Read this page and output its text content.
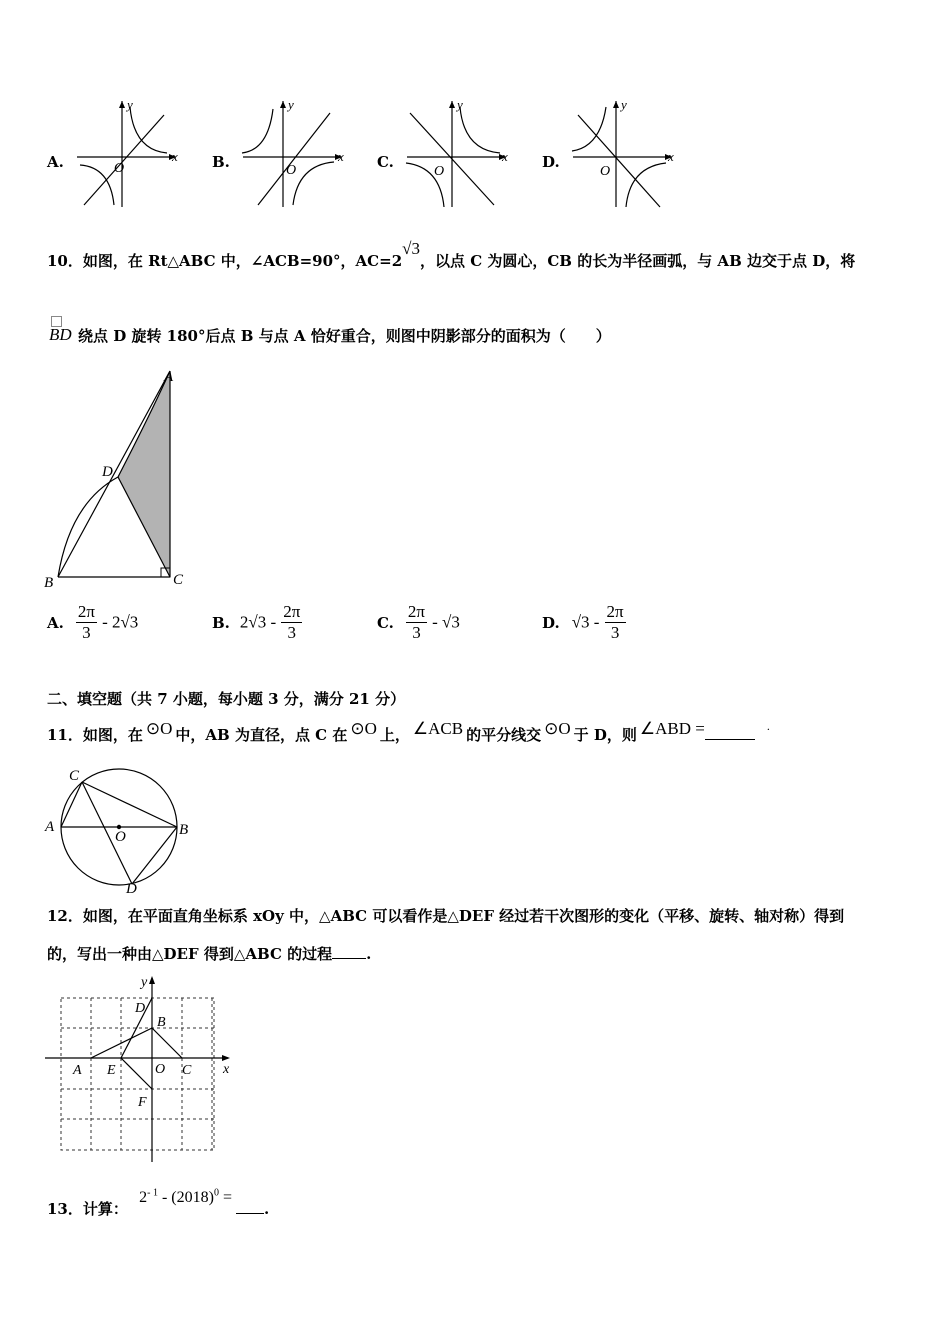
A.	B.	C.	D.
x
y
O
x
y
O
x
y
O
x
y
O
10．如图，在 Rt△ABC 中，∠ACB=90°，AC=2√3，以点 C 为圆心，CB 的长为半径画弧，与 AB 边交于点 D，将
BD 绕点 D 旋转 180°后点 B 与点 A 恰好重合，则图中阴影部分的面积为（　　）
A
D
B	C
A. $\frac{2\pi}{3} - 2√3$	B. $2√3 - \frac{2\pi}{3}$	C. $\frac{2\pi}{3} - √3$	D. $√3 - \frac{2\pi}{3}$
二、填空题（共 7 小题，每小题 3 分，满分 21 分）
11．如图，在 ⊙O 中，AB 为直径，点 C 在 ⊙O 上， ∠ACB 的平分线交 ⊙O 于 D，则 ∠ABD =	.
C
A	B
O
D
12．如图，在平面直角坐标系 xOy 中，△ABC 可以看作是△DEF 经过若干次图形的变化（平移、旋转、轴对称）得到
的，写出一种由△DEF 得到△ABC 的过程 .
y
x
D
B
A E	O C
F
13．计算： $2^{- 1} - (2018)^0$ =.
